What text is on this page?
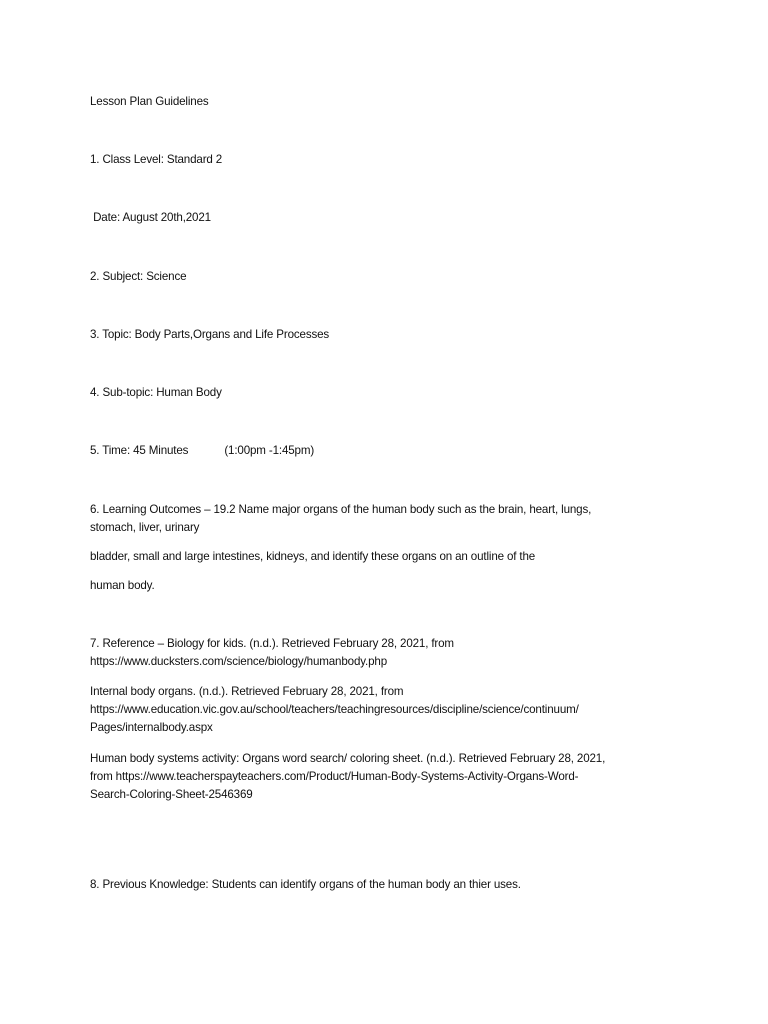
Lesson Plan Guidelines
1. Class Level: Standard 2
Date: August 20th,2021
2. Subject: Science
3. Topic: Body Parts,Organs and Life Processes
4. Sub-topic: Human Body
5. Time: 45 Minutes	(1:00pm -1:45pm)
6. Learning Outcomes – 19.2 Name major organs of the human body such as the brain, heart, lungs,
stomach, liver, urinary
bladder, small and large intestines, kidneys, and identify these organs on an outline of the
human body.
7. Reference – Biology for kids. (n.d.). Retrieved February 28, 2021, from
https://www.ducksters.com/science/biology/humanbody.php
Internal body organs. (n.d.). Retrieved February 28, 2021, from
https://www.education.vic.gov.au/school/teachers/teachingresources/discipline/science/continuum/
Pages/internalbody.aspx
Human body systems activity: Organs word search/ coloring sheet. (n.d.). Retrieved February 28, 2021,
from https://www.teacherspayteachers.com/Product/Human-Body-Systems-Activity-Organs-Word-
Search-Coloring-Sheet-2546369
8. Previous Knowledge: Students can identify organs of the human body an thier uses.
